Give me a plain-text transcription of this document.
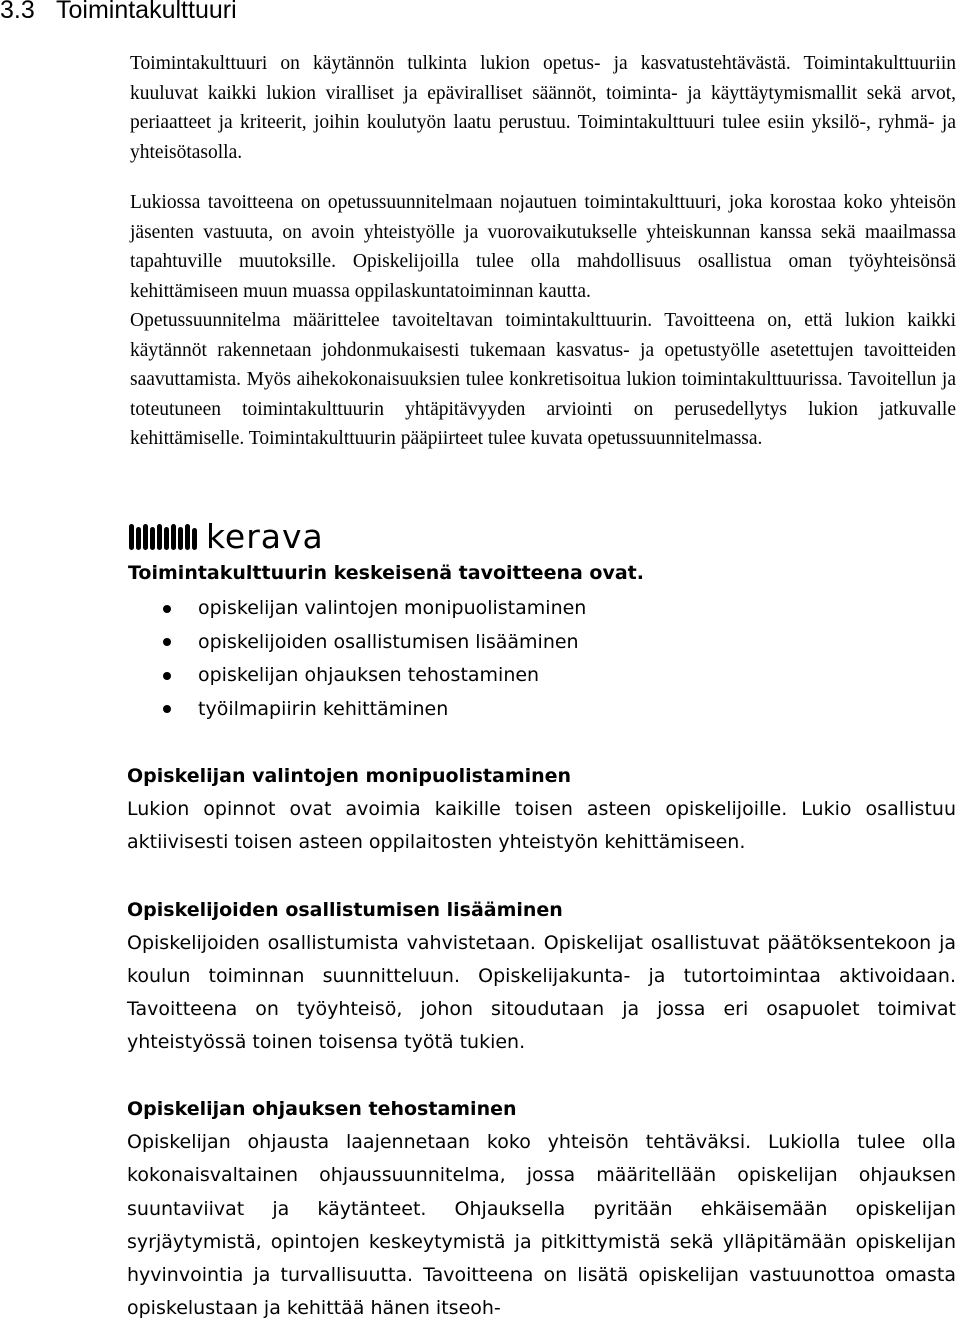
3.3 Toimintakulttuuri

Toimintakulttuuri on käytännön tulkinta lukion opetus- ja kasvatustehtävästä. Toimintakulttuuriin kuuluvat kaikki lukion viralliset ja epäviralliset säännöt, toiminta- ja käyttäytymismallit sekä arvot, periaatteet ja kriteerit, joihin koulutyön laatu perustuu. Toimintakulttuuri tulee esiin yksilö-, ryhmä- ja yhteisötasolla.

Lukiossa tavoitteena on opetussuunnitelmaan nojautuen toimintakulttuuri, joka korostaa koko yhteisön jäsenten vastuuta, on avoin yhteistyölle ja vuorovaikutukselle yhteiskunnan kanssa sekä maailmassa tapahtuville muutoksille. Opiskelijoilla tulee olla mahdollisuus osallistua oman työyhteisönsä kehittämiseen muun muassa oppilaskuntatoiminnan kautta.

Opetussuunnitelma määrittelee tavoiteltavan toimintakulttuurin. Tavoitteena on, että lukion kaikki käytännöt rakennetaan johdonmukaisesti tukemaan kasvatus- ja opetustyölle asetettujen tavoitteiden saavuttamista. Myös aihekokonaisuuksien tulee konkretisoitua lukion toimintakulttuurissa. Tavoitellun ja toteutuneen toimintakulttuurin yhtäpitävyyden arviointi on perusedellytys lukion jatkuvalle kehittämiselle. Toimintakulttuurin pääpiirteet tulee kuvata opetussuunnitelmassa.

kerava
Toimintakulttuurin keskeisenä tavoitteena ovat.
opiskelijan valintojen monipuolistaminen
opiskelijoiden osallistumisen lisääminen
opiskelijan ohjauksen tehostaminen
työilmapiirin kehittäminen
Opiskelijan valintojen monipuolistaminen

Lukion opinnot ovat avoimia kaikille toisen asteen opiskelijoille. Lukio osallistuu aktiivisesti toisen asteen oppilaitosten yhteistyön kehittämiseen.

Opiskelijoiden osallistumisen lisääminen

Opiskelijoiden osallistumista vahvistetaan. Opiskelijat osallistuvat päätöksentekoon ja koulun toiminnan suunnitteluun. Opiskelijakunta- ja tutortoimintaa aktivoidaan. Tavoitteena on työyhteisö, johon sitoudutaan ja jossa eri osapuolet toimivat yhteistyössä toinen toisensa työtä tukien.

Opiskelijan ohjauksen tehostaminen

Opiskelijan ohjausta laajennetaan koko yhteisön tehtäväksi. Lukiolla tulee olla kokonaisvaltainen ohjaussuunnitelma, jossa määritellään opiskelijan ohjauksen suuntaviivat ja käytänteet. Ohjauksella pyritään ehkäisemään opiskelijan syrjäytymistä, opintojen keskeytymistä ja pitkittymistä sekä ylläpitämään opiskelijan hyvinvointia ja turvallisuutta. Tavoitteena on lisätä opiskelijan vastuunottoa omasta opiskelustaan ja kehittää hänen itseoh-
